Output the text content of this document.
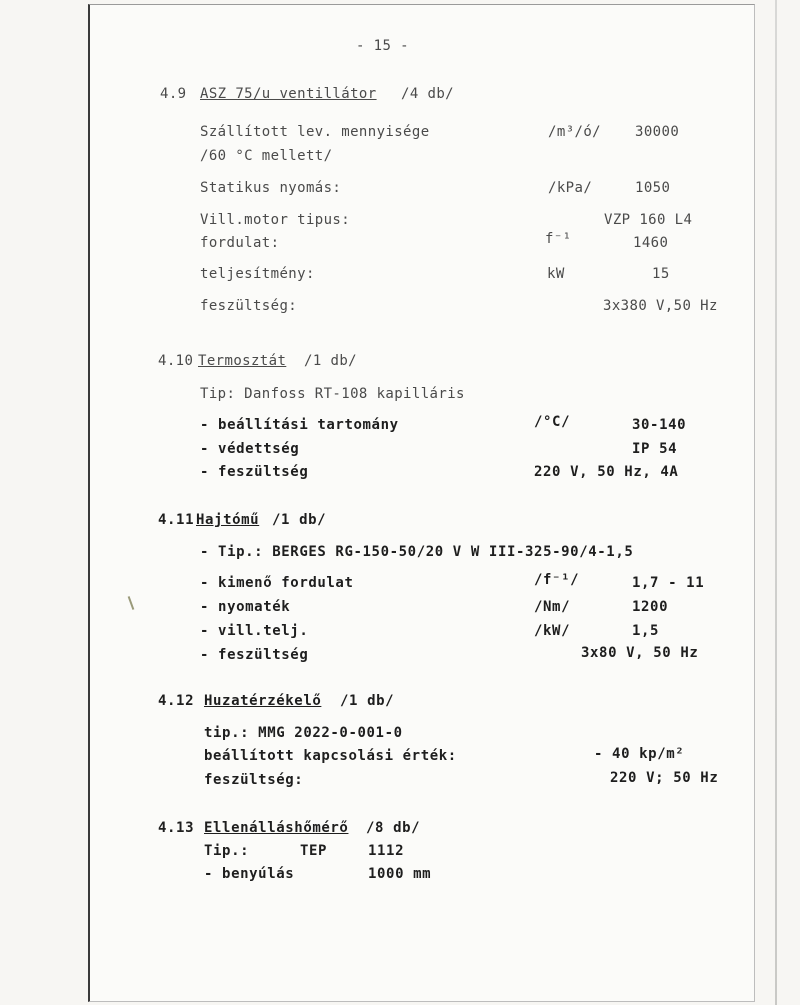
- 15 -
4.9 ASZ 75/u ventillátor /4 db/
Szállított lev. mennyisége	/m³/ó/ 30000
/60 °C mellett/
Statikus nyomás:	/kPa/	1050
Vill.motor tipus:	VZP 160 L4
fordulat:	f⁻¹	1460
teljesítmény:	kW	15
feszültség:	3x380 V,50 Hz
4.10 Termosztát /1 db/
Tip: Danfoss RT-108 kapilláris
- beállítási tartomány	/°C/	30-140
- védettség	IP 54
- feszültség	220 V, 50 Hz, 4A
4.11 Hajtómű /1 db/
- Tip.: BERGES RG-150-50/20 V W III-325-90/4-1,5
- kimenő fordulat	/f⁻¹/	1,7 - 11
- nyomaték	/Nm/	1200
- vill.telj.	/kW/	1,5
- feszültség	3x80 V, 50 Hz
4.12 Huzatérzékelő /1 db/
tip.: MMG 2022-0-001-0
beállított kapcsolási érték:	- 40 kp/m²
feszültség:	220 V; 50 Hz
4.13 Ellenálláshőmérő /8 db/
Tip.:	TEP	1112
- benyúlás	1000 mm
